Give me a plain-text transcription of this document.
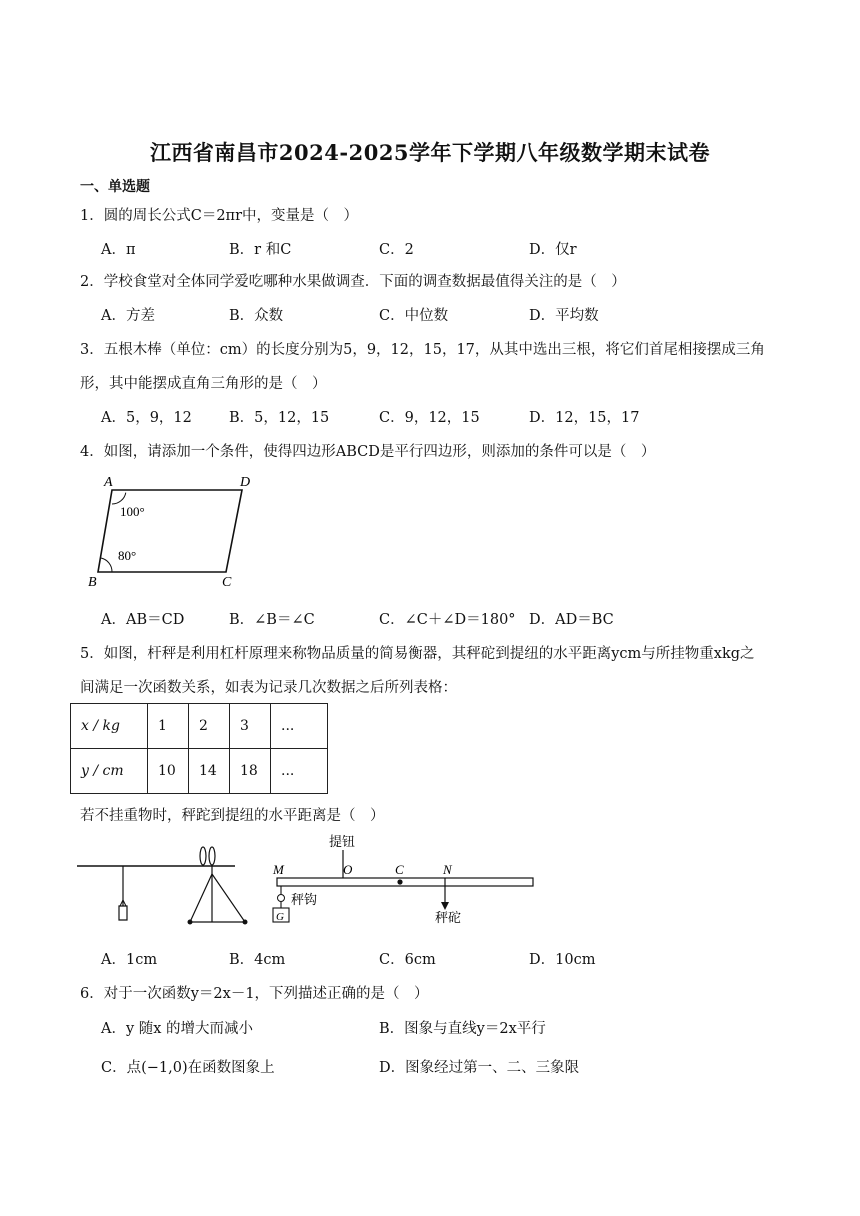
江西省南昌市2024-2025学年下学期八年级数学期末试卷
一、单选题
1．圆的周长公式C＝2πr中，变量是（　）
A．π	B．r 和C	C．2	D．仅r
2．学校食堂对全体同学爱吃哪种水果做调查．下面的调查数据最值得关注的是（　）
A．方差	B．众数	C．中位数	D．平均数
3．五根木棒（单位：cm）的长度分别为5，9，12，15，17，从其中选出三根，将它们首尾相接摆成三角
形，其中能摆成直角三角形的是（　）
A．5，9，12	B．5，12，15	C．9，12，15	D．12，15，17
4．如图，请添加一个条件，使得四边形ABCD是平行四边形，则添加的条件可以是（　）
A	D
B	C
100°
80°
A．AB＝CD	B．∠B＝∠C	C．∠C＋∠D＝180° D．AD＝BC
5．如图，杆秤是利用杠杆原理来称物品质量的简易衡器，其秤砣到提纽的水平距离ycm与所挂物重xkg之
间满足一次函数关系，如表为记录几次数据之后所列表格：
x / kg	1	2	3	...
y / cm	10	14	18	...
若不挂重物时，秤跎到提纽的水平距离是（　）
提钮
M	O	C	N
秤砣
G
秤钩
A．1cm	B．4cm	C．6cm	D．10cm
6．对于一次函数y＝2x－1，下列描述正确的是（　）
A．y 随x 的增大而减小	B．图象与直线y＝2x平行
C．点(−1,0)在函数图象上	D．图象经过第一、二、三象限
